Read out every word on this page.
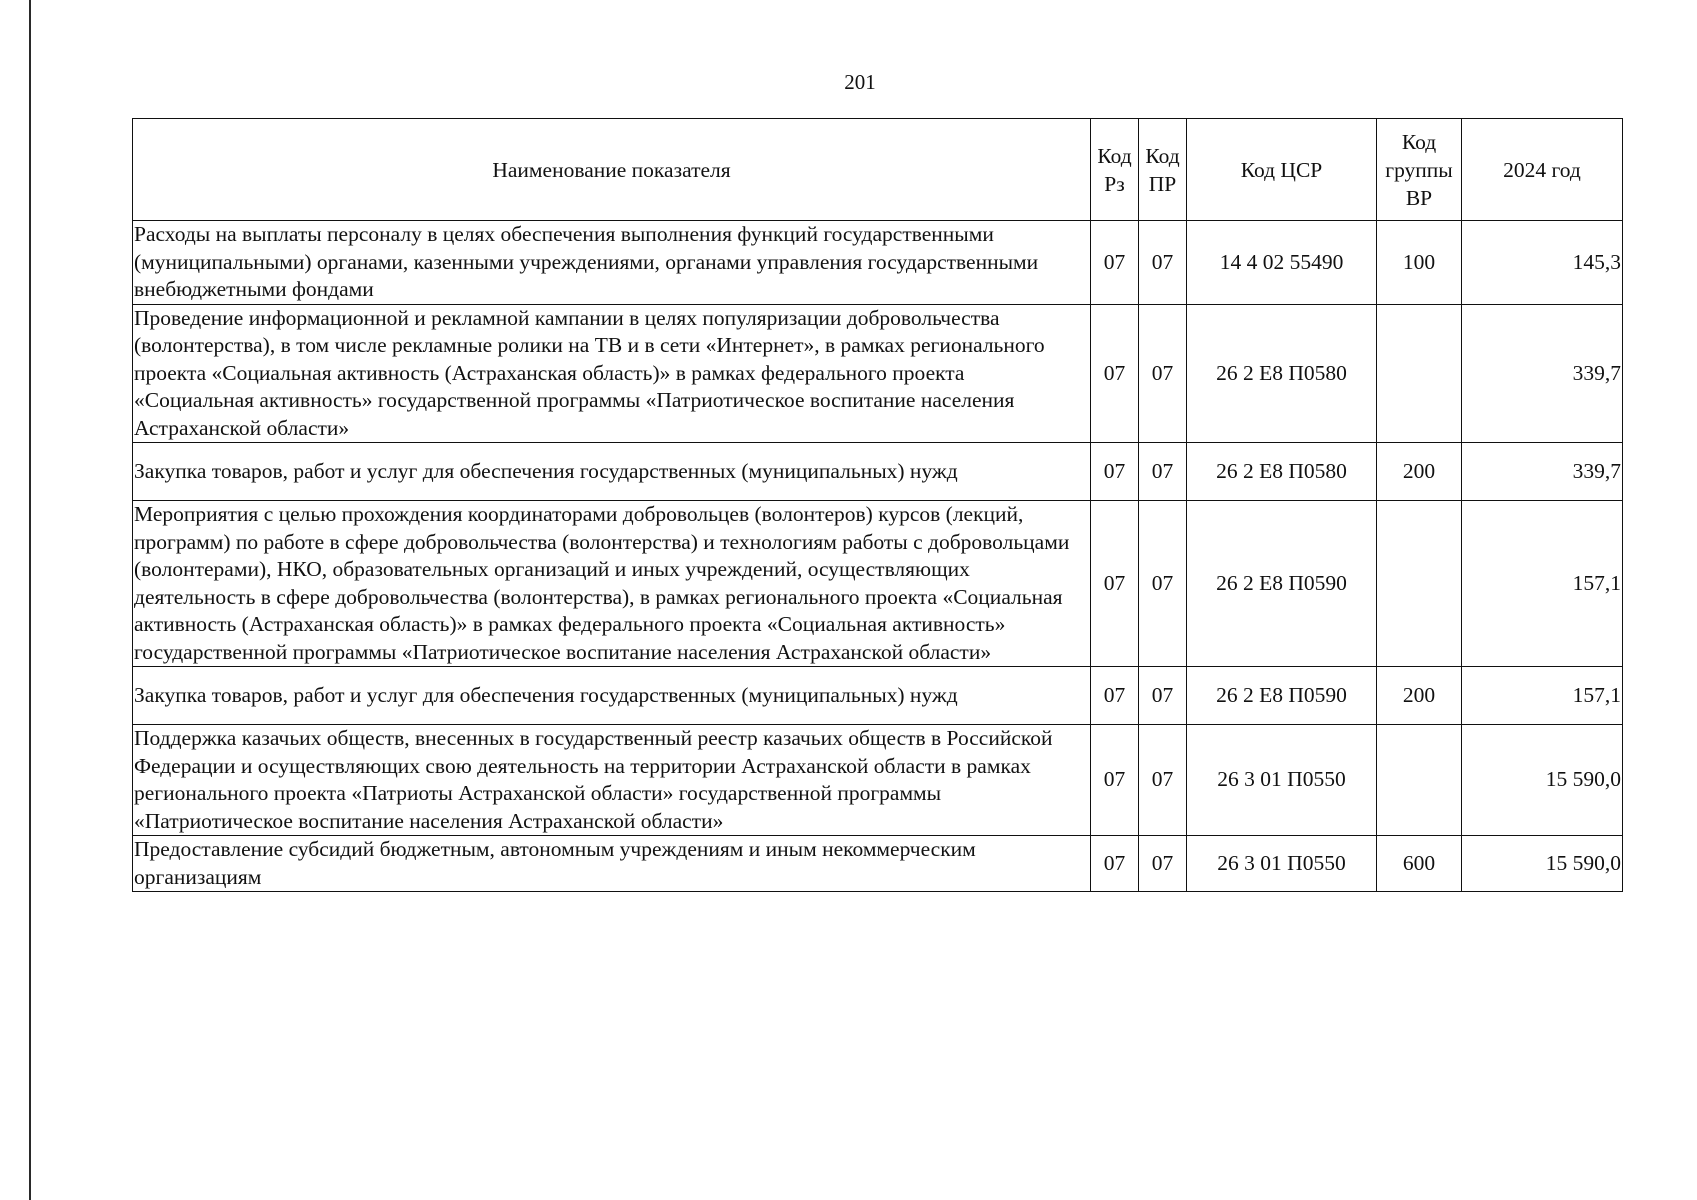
201
Наименование показателя	Код Рз	Код ПР	Код ЦСР	Код группы ВР	2024 год
Расходы на выплаты персоналу в целях обеспечения выполнения функций государственными (муниципальными) органами, казенными учреждениями, органами управления государственными внебюджетными фондами	07	07	14 4 02 55490	100	145,3
Проведение информационной и рекламной кампании в целях популяризации добровольчества (волонтерства), в том числе рекламные ролики на ТВ и в сети «Интернет», в рамках регионального проекта «Социальная активность (Астраханская область)» в рамках федерального проекта «Социальная активность» государственной программы «Патриотическое воспитание населения Астраханской области»	07	07	26 2 Е8 П0580		339,7
Закупка товаров, работ и услуг для обеспечения государственных (муниципальных) нужд	07	07	26 2 Е8 П0580	200	339,7
Мероприятия с целью прохождения координаторами добровольцев (волонтеров) курсов (лекций, программ) по работе в сфере добровольчества (волонтерства) и технологиям работы с добровольцами (волонтерами), НКО, образовательных организаций и иных учреждений, осуществляющих деятельность в сфере добровольчества (волонтерства), в рамках регионального проекта «Социальная активность (Астраханская область)» в рамках федерального проекта «Социальная активность» государственной программы «Патриотическое воспитание населения Астраханской области»	07	07	26 2 Е8 П0590		157,1
Закупка товаров, работ и услуг для обеспечения государственных (муниципальных) нужд	07	07	26 2 Е8 П0590	200	157,1
Поддержка казачьих обществ, внесенных в государственный реестр казачьих обществ в Российской Федерации и осуществляющих свою деятельность на территории Астраханской области в рамках регионального проекта «Патриоты Астраханской области» государственной программы «Патриотическое воспитание населения Астраханской области»	07	07	26 3 01 П0550		15 590,0
Предоставление субсидий бюджетным, автономным учреждениям и иным некоммерческим организациям	07	07	26 3 01 П0550	600	15 590,0
